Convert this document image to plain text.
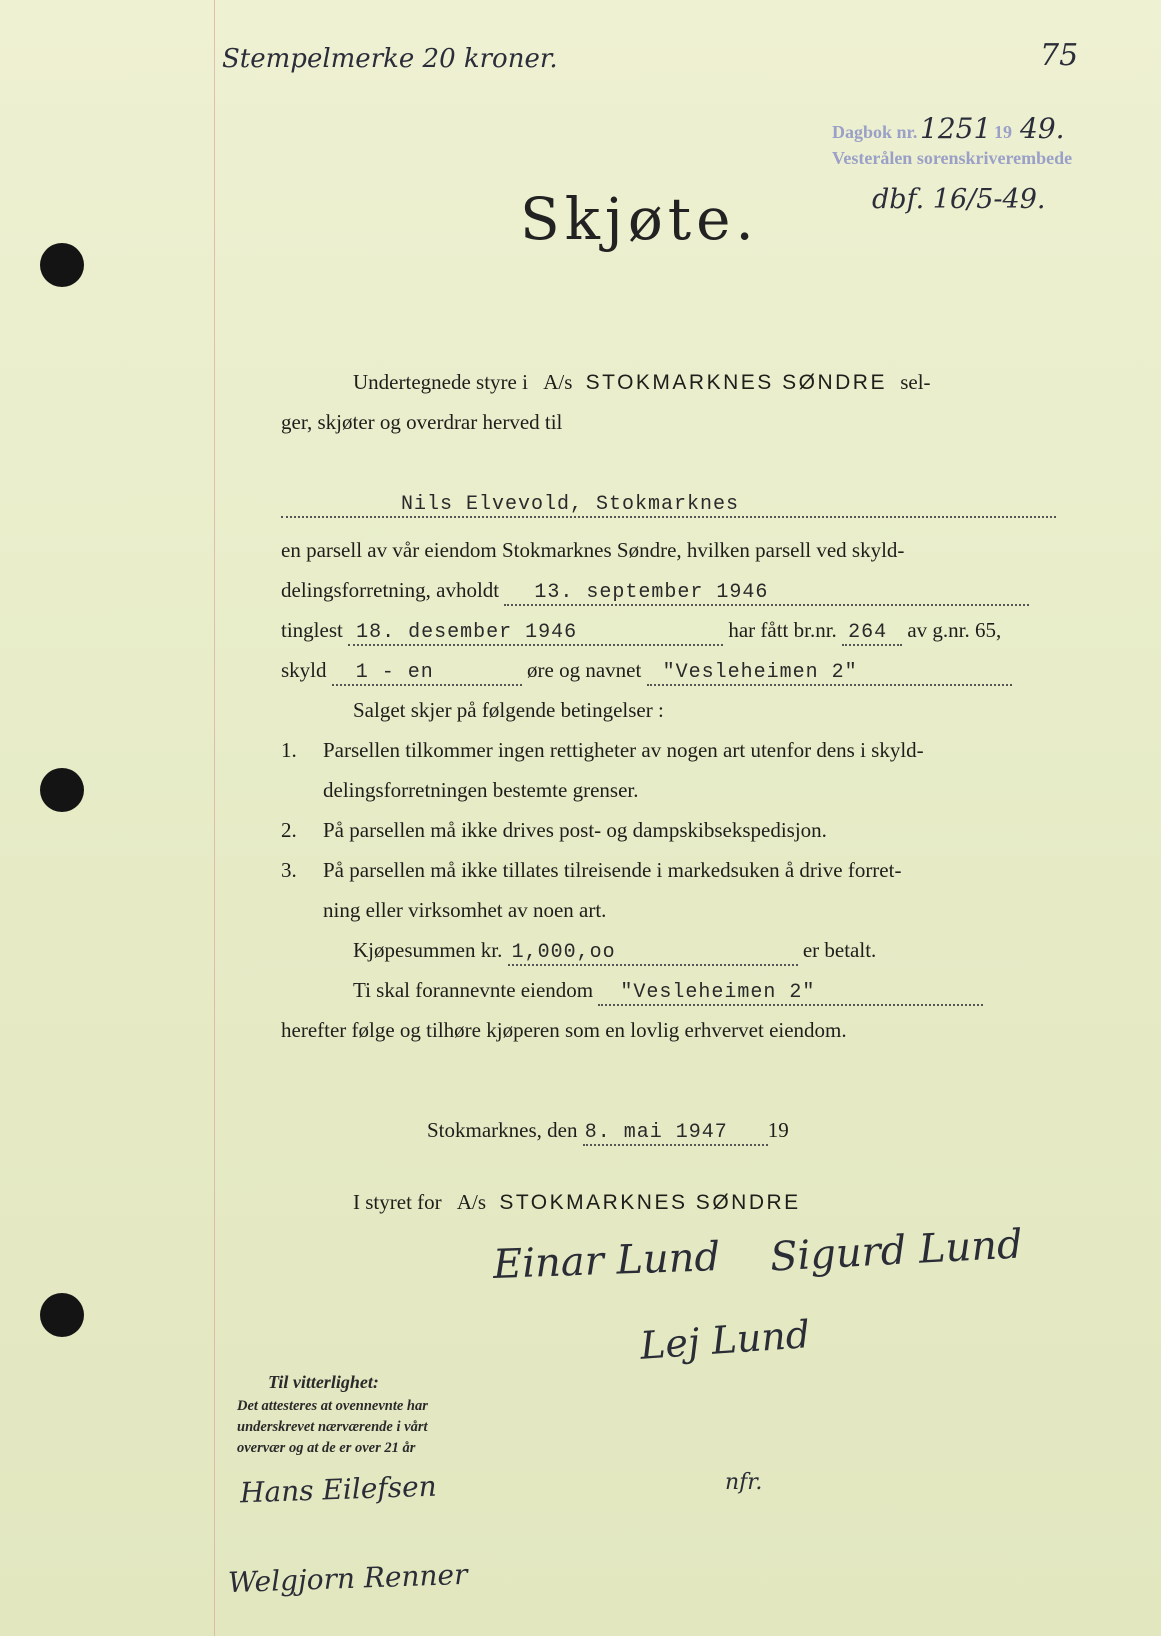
Stempelmerke 20 kroner.	75
Dagbok nr. 1251 19 49.
Vesterålen sorenskriverembede
dbf. 16/5-49.
Skjøte.
Undertegnede styre i A/s STOKMARKNES SØNDRE sel-
ger, skjøter og overdrar herved til
Nils Elvevold, Stokmarknes
en parsell av vår eiendom Stokmarknes Søndre, hvilken parsell ved skyld-
delingsforretning, avholdt 13. september 1946
tinglest 18. desember 1946	har fått br.nr. 264 av g.nr. 65,
skyld 1 - en	øre og navnet "Vesleheimen 2"
Salget skjer på følgende betingelser :
1. Parsellen tilkommer ingen rettigheter av nogen art utenfor dens i skyld-
delingsforretningen bestemte grenser.
2. På parsellen må ikke drives post- og dampskibsekspedisjon.
3. På parsellen må ikke tillates tilreisende i markedsuken å drive forret-
ning eller virksomhet av noen art.
Kjøpesummen kr. 1,000,oo	er betalt.
Ti skal forannevnte eiendom "Vesleheimen 2"
herefter følge og tilhøre kjøperen som en lovlig erhvervet eiendom.
Stokmarknes, den 8. mai 1947 19
I styret for A/s STOKMARKNES SØNDRE
Einar Lund Sigurd Lund
Lej Lund
nfr.
Til vitterlighet:
Det attesteres at ovennevnte har
underskrevet nærværende i vårt
overvær og at de er over 21 år
Hans Eilefsen
Welgjorn Renner
